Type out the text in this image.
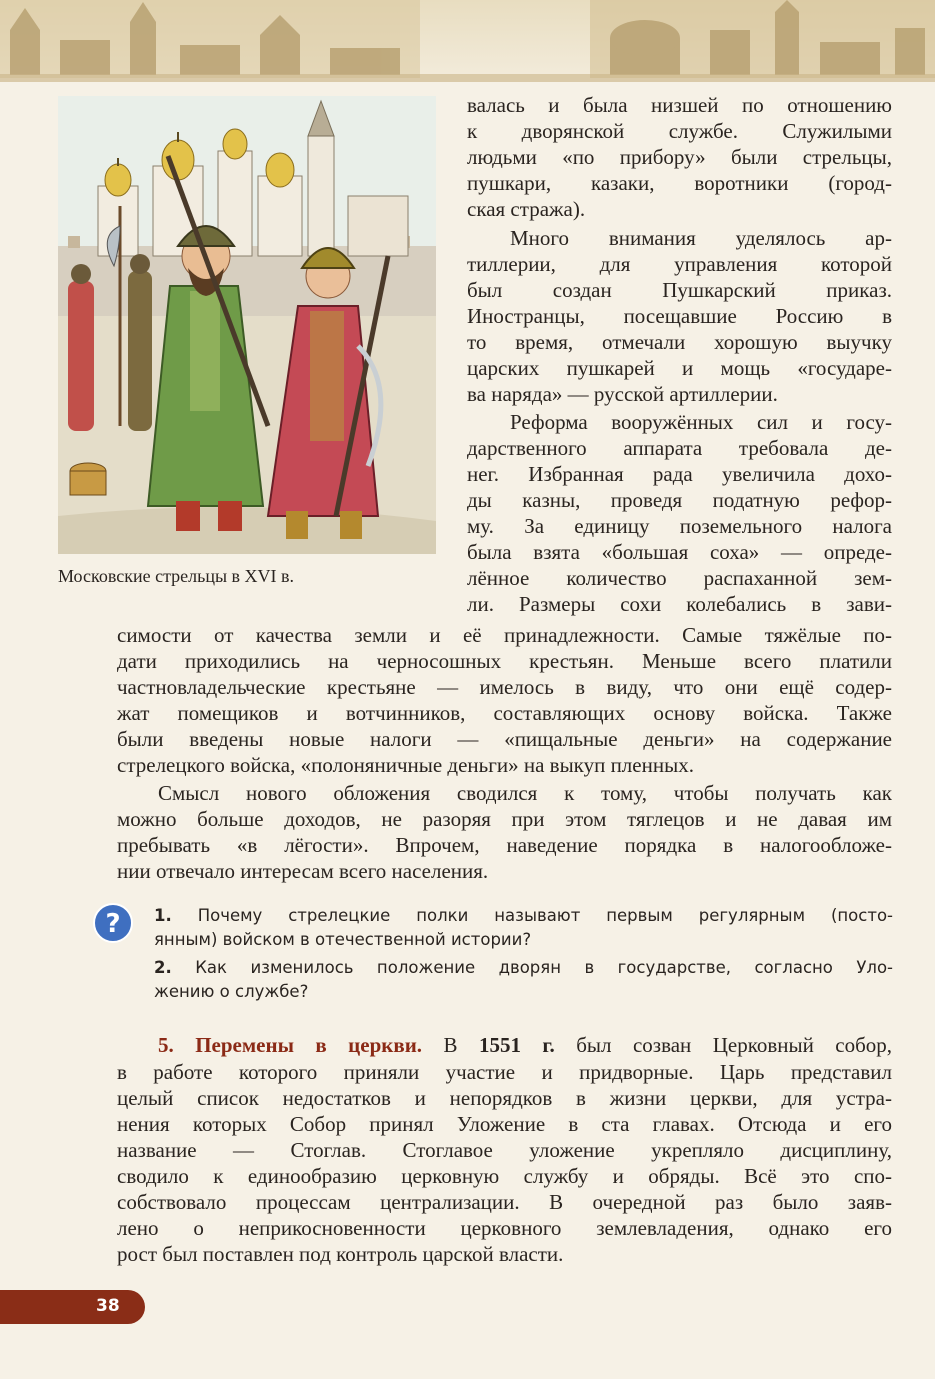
Московские стрельцы в XVI в.
валась и была низшей по отношению
к дворянской службе. Служилыми
людьми «по прибору» были стрельцы,
пушкари, казаки, воротники (город-
ская стража).
Много внимания уделялось ар-
тиллерии, для управления которой
был создан Пушкарский приказ.
Иностранцы, посещавшие Россию в
то время, отмечали хорошую выучку
царских пушкарей и мощь «государе-
ва наряда» — русской артиллерии.
Реформа вооружённых сил и госу-
дарственного аппарата требовала де-
нег. Избранная рада увеличила дохо-
ды казны, проведя податную рефор-
му. За единицу поземельного налога
была взята «большая соха» — опреде-
лённое количество распаханной зем-
ли. Размеры сохи колебались в зави-
симости от качества земли и её принадлежности. Самые тяжёлые по-
дати приходились на черносошных крестьян. Меньше всего платили
частновладельческие крестьяне — имелось в виду, что они ещё содер-
жат помещиков и вотчинников, составляющих основу войска. Также
были введены новые налоги — «пищальные деньги» на содержание
стрелецкого войска, «полоняничные деньги» на выкуп пленных.
Смысл нового обложения сводился к тому, чтобы получать как
можно больше доходов, не разоряя при этом тяглецов и не давая им
пребывать «в лёгости». Впрочем, наведение порядка в налогообложе-
нии отвечало интересам всего населения.
? 1. Почему стрелецкие полки называют первым регулярным (посто-
янным) войском в отечественной истории?
2. Как изменилось положение дворян в государстве, согласно Уло-
жению о службе?
5. Перемены в церкви. В 1551 г. был созван Церковный собор,
в работе которого приняли участие и придворные. Царь представил
целый список недостатков и непорядков в жизни церкви, для устра-
нения которых Собор принял Уложение в ста главах. Отсюда и его
название — Стоглав. Стоглавое уложение укрепляло дисциплину,
сводило к единообразию церковную службу и обряды. Всё это спо-
собствовало процессам централизации. В очередной раз было заяв-
лено о неприкосновенности церковного землевладения, однако его
рост был поставлен под контроль царской власти.
38
